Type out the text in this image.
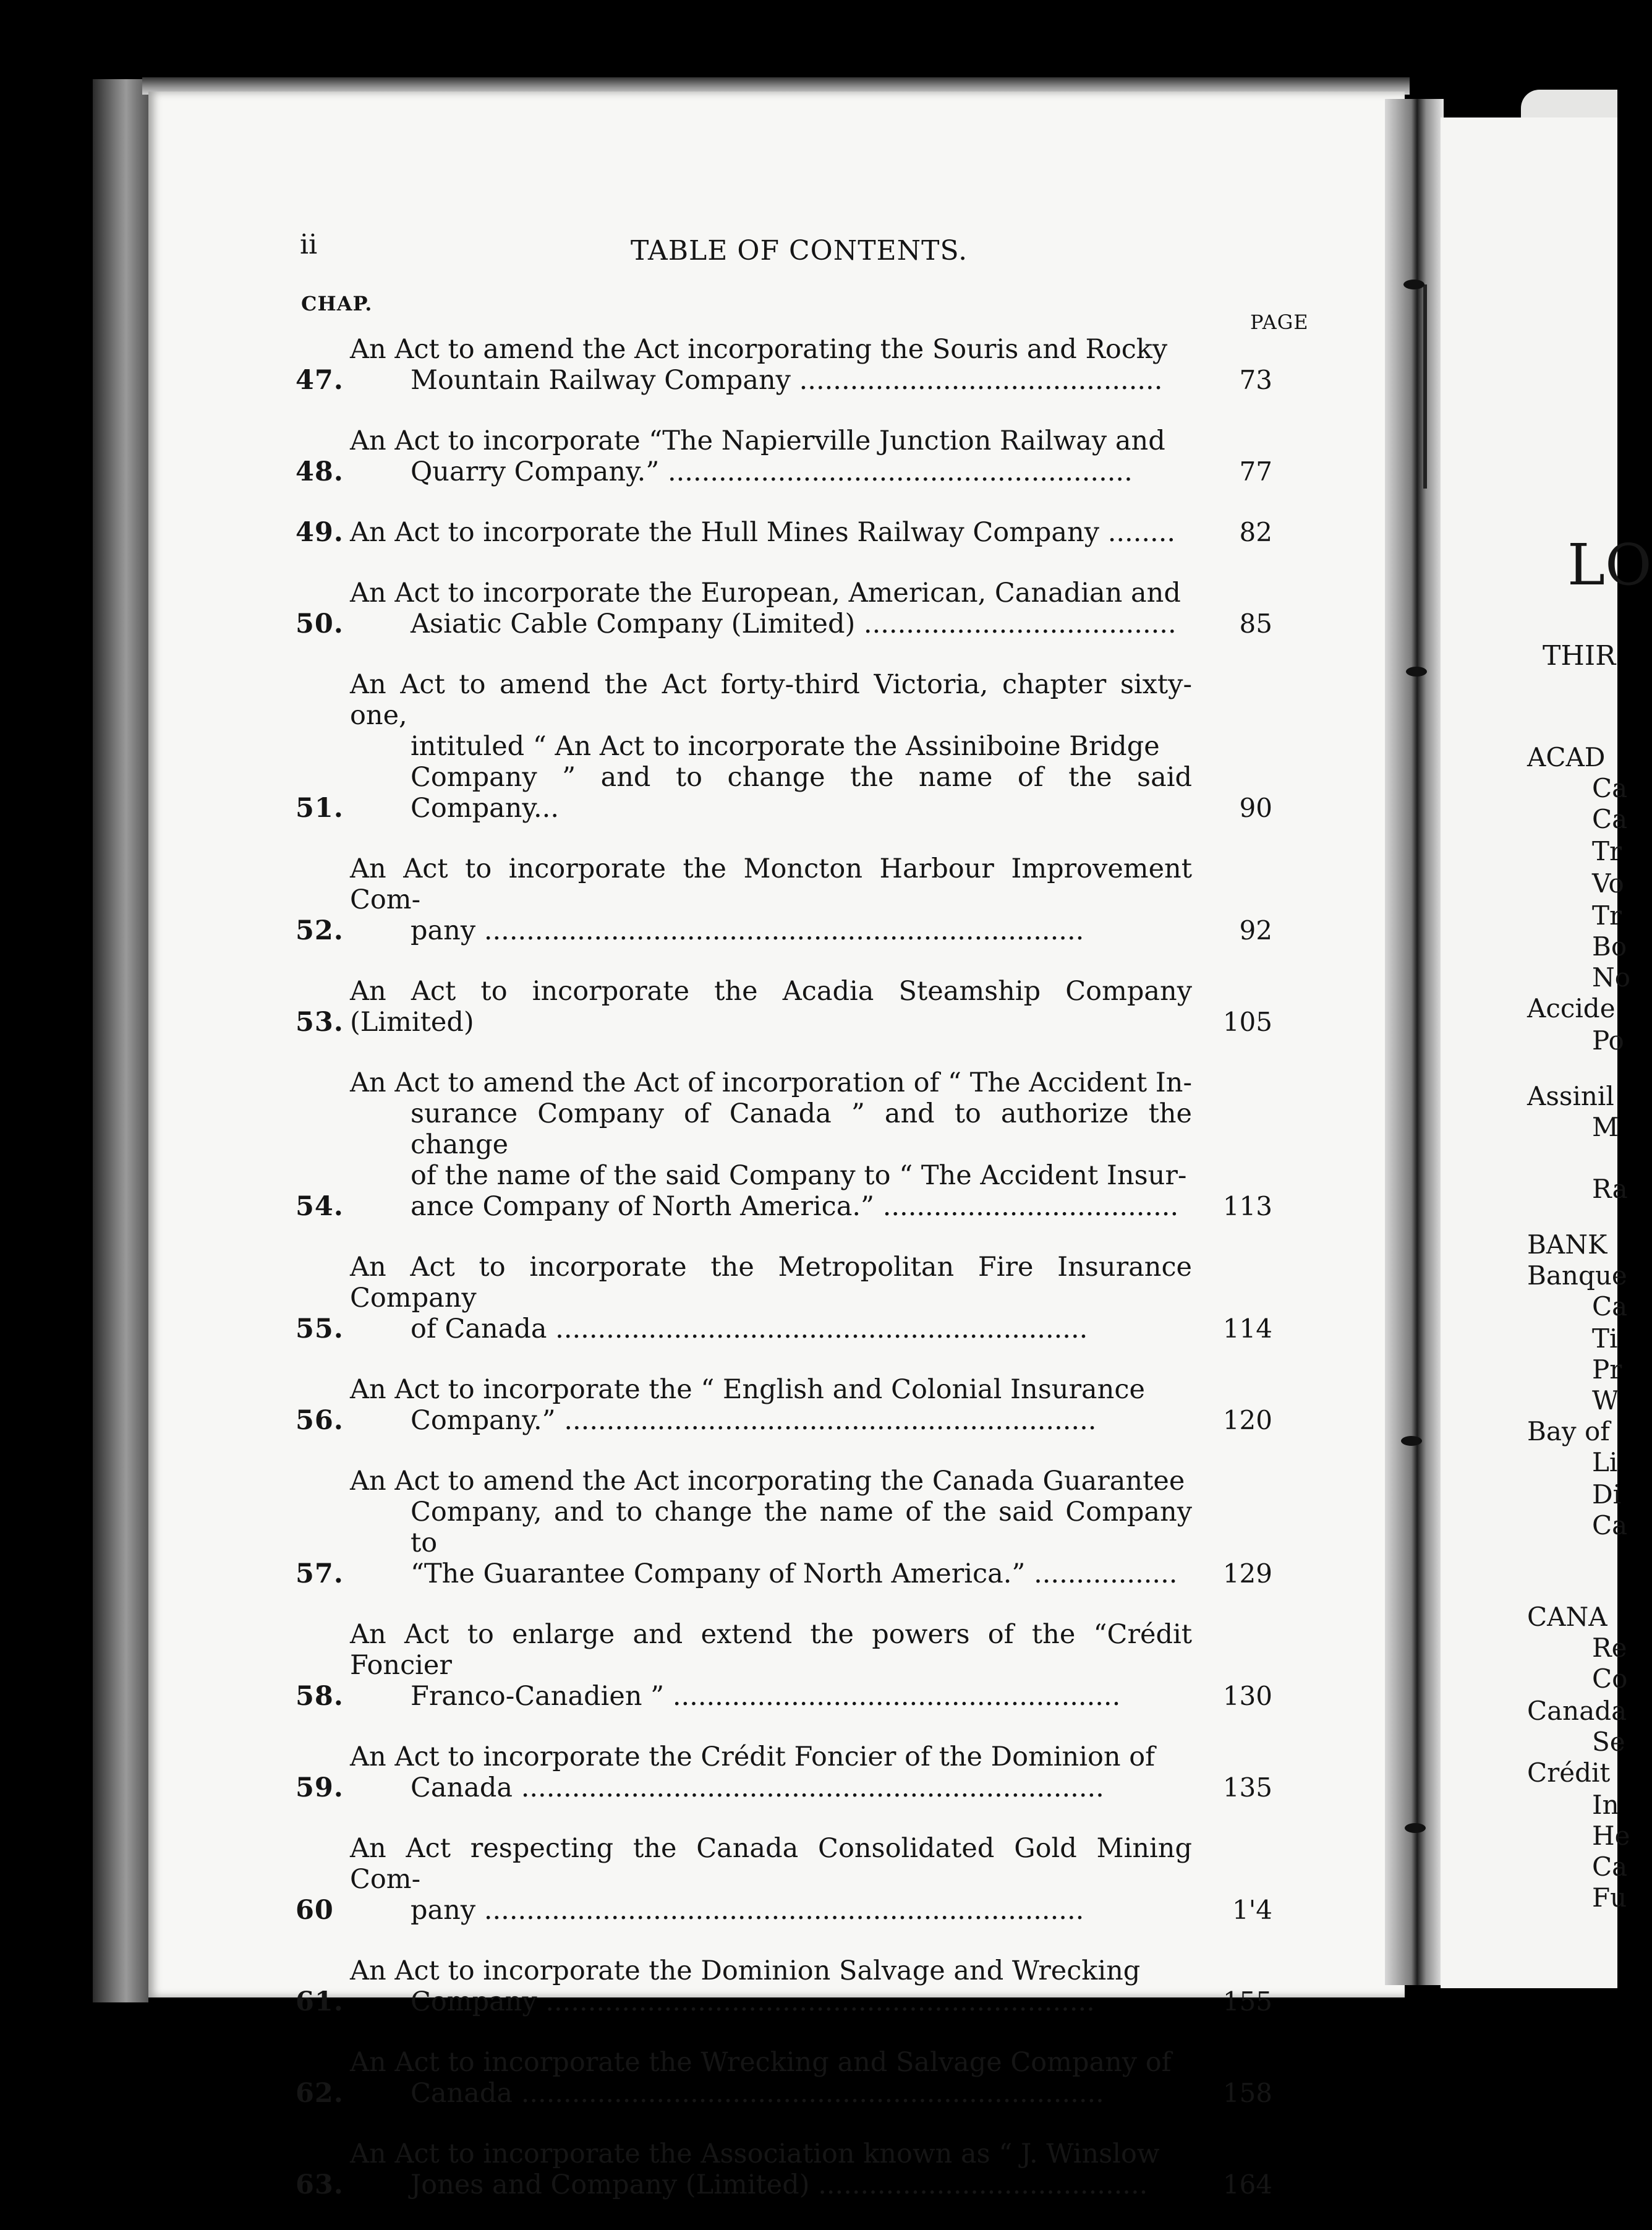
ii	TABLE OF CONTENTS.
CHAP.
PAGE
47.
An Act to amend the Act incorporating the Souris and Rocky
Mountain Railway Company ...........................................	73
48.
An Act to incorporate “The Napierville Junction Railway and
Quarry Company.” .......................................................	77
49. An Act to incorporate the Hull Mines Railway Company ........	82
50.
An Act to incorporate the European, American, Canadian and
Asiatic Cable Company (Limited) .....................................	85
51.
An Act to amend the Act forty-third Victoria, chapter sixty-one,
intituled “ An Act to incorporate the Assiniboine Bridge
Company ” and to change the name of the said Company...	90
52.
An Act to incorporate the Moncton Harbour Improvement Com-
pany .......................................................................	92
53.
An Act to incorporate the Acadia Steamship Company (Limited)	105
54.
An Act to amend the Act of incorporation of “ The Accident In-
surance Company of Canada ” and to authorize the change
of the name of the said Company to “ The Accident Insur-
ance Company of North America.” ...................................	113
55.
An Act to incorporate the Metropolitan Fire Insurance Company
of Canada ...............................................................	114
56.
An Act to incorporate the “ English and Colonial Insurance
Company.” ...............................................................	120
57.
An Act to amend the Act incorporating the Canada Guarantee
Company, and to change the name of the said Company to
“The Guarantee Company of North America.” .................	129
58.
An Act to enlarge and extend the powers of the “Crédit Foncier
Franco-Canadien ” .....................................................	130
59.
An Act to incorporate the Crédit Foncier of the Dominion of
Canada .....................................................................	135
60
An Act respecting the Canada Consolidated Gold Mining Com-
pany .......................................................................	1'4
61.
An Act to incorporate the Dominion Salvage and Wrecking
Company .................................................................	155
62.
An Act to incorporate the Wrecking and Salvage Company of
Canada .....................................................................	158
63.
An Act to incorporate the Association known as “ J. Winslow
Jones and Company (Limited) .......................................	164
LO
THIR
ACAD
Ca
Ca
Tr
Vo
Tr
Bo
No
Accide
Po
Assinil
M
Ra
BANK
Banque
Ca
Ti
Pr
W
Bay of
Li
Di
Ca
CANA
Re
Co
Canada
Se
Crédit
In
He
Ca
Fu
